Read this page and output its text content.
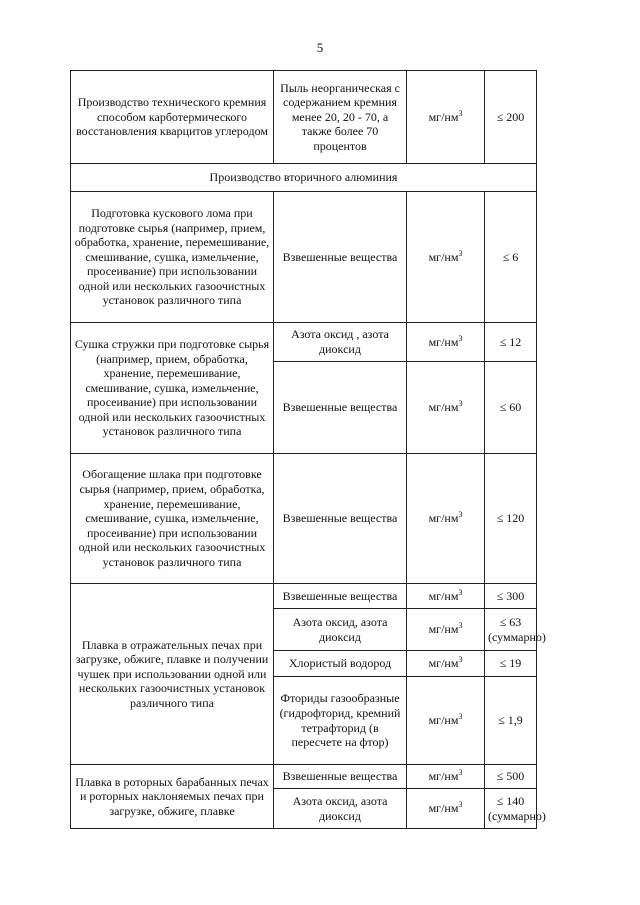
5
Производство технического кремния способом карботермического восстановления кварцитов углеродом	Пыль неорганическая с содержанием кремния менее 20, 20 - 70, а также более 70 процентов	$мг/нм^3$	≤ 200
Производство вторичного алюминия			
Подготовка кускового лома при подготовке сырья (например, прием, обработка, хранение, перемешивание, смешивание, сушка, измельчение, просеивание) при использовании одной или нескольких газоочистных установок различного типа	Взвешенные вещества	$мг/нм^3$	≤ 6
Сушка стружки при подготовке сырья (например, прием, обработка, хранение, перемешивание, смешивание, сушка, измельчение, просеивание) при использовании одной или нескольких газоочистных установок различного типа	Азота оксид , азота диоксид	$мг/нм^3$	≤ 12
	Взвешенные вещества	$мг/нм^3$	≤ 60
Обогащение шлака при подготовке сырья (например, прием, обработка, хранение, перемешивание, смешивание, сушка, измельчение, просеивание) при использовании одной или нескольких газоочистных установок различного типа	Взвешенные вещества	$мг/нм^3$	≤ 120
Плавка в отражательных печах при загрузке, обжиге, плавке и получении чушек при использовании одной или нескольких газоочистных установок различного типа	Взвешенные вещества	$мг/нм^3$	≤ 300
	Азота оксид, азота диоксид	$мг/нм^3$	≤ 63 (суммарно)
	Хлористый водород	$мг/нм^3$	≤ 19
	Фториды газообразные (гидрофторид, кремний тетрафторид (в пересчете на фтор)	$мг/нм^3$	≤ 1,9
Плавка в роторных барабанных печах и роторных наклоняемых печах при загрузке, обжиге, плавке	Взвешенные вещества	$мг/нм^3$	≤ 500
	Азота оксид, азота диоксид	$мг/нм^3$	≤ 140 (суммарно)
